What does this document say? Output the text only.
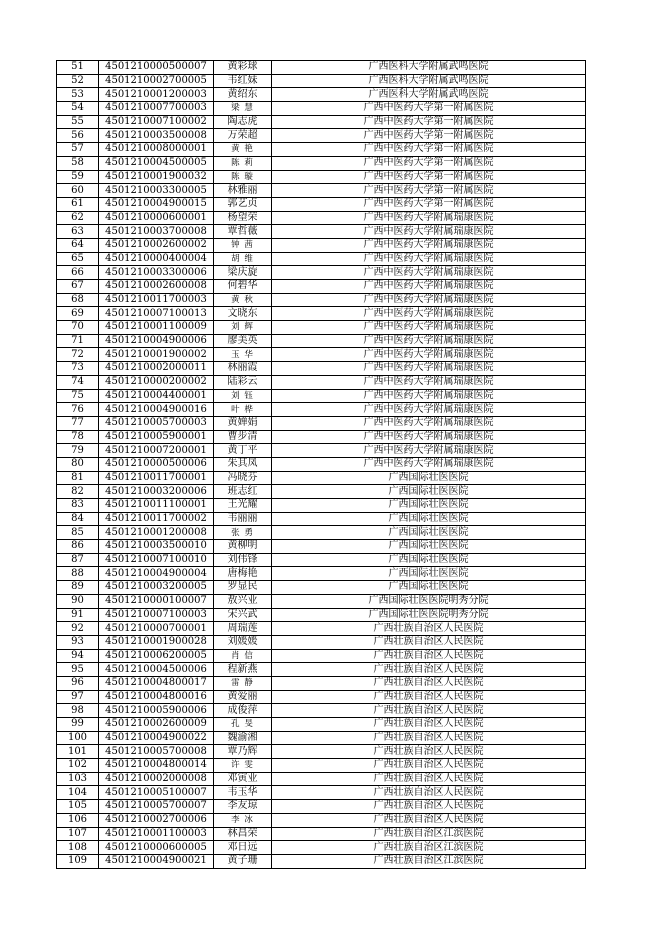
51	4501210000500007	黄彩球	广西医科大学附属武鸣医院
52	4501210002700005	韦红妹	广西医科大学附属武鸣医院
53	4501210001200003	黄绍东	广西医科大学附属武鸣医院
54	4501210007700003	梁 慧	广西中医药大学第一附属医院
55	4501210007100002	陶志虎	广西中医药大学第一附属医院
56	4501210003500008	万荣超	广西中医药大学第一附属医院
57	4501210008000001	黄 艳	广西中医药大学第一附属医院
58	4501210004500005	陈 莉	广西中医药大学第一附属医院
59	4501210001900032	陈 璇	广西中医药大学第一附属医院
60	4501210003300005	林雅丽	广西中医药大学第一附属医院
61	4501210004900015	郭艺贞	广西中医药大学第一附属医院
62	4501210000600001	杨望荣	广西中医药大学附属瑞康医院
63	4501210003700008	覃哲薇	广西中医药大学附属瑞康医院
64	4501210002600002	钟 茜	广西中医药大学附属瑞康医院
65	4501210000400004	胡 维	广西中医药大学附属瑞康医院
66	4501210003300006	梁庆旋	广西中医药大学附属瑞康医院
67	4501210002600008	何碧华	广西中医药大学附属瑞康医院
68	4501210011700003	黄 秋	广西中医药大学附属瑞康医院
69	4501210007100013	文晓东	广西中医药大学附属瑞康医院
70	4501210001100009	刘 辉	广西中医药大学附属瑞康医院
71	4501210004900006	廖美英	广西中医药大学附属瑞康医院
72	4501210001900002	玉 华	广西中医药大学附属瑞康医院
73	4501210002000011	林丽霞	广西中医药大学附属瑞康医院
74	4501210000200002	陆彩云	广西中医药大学附属瑞康医院
75	4501210004400001	刘 钰	广西中医药大学附属瑞康医院
76	4501210004900016	叶 桦	广西中医药大学附属瑞康医院
77	4501210005700003	黄婵娟	广西中医药大学附属瑞康医院
78	4501210005900001	曹步清	广西中医药大学附属瑞康医院
79	4501210007200001	黄丁平	广西中医药大学附属瑞康医院
80	4501210000500006	朱其凤	广西中医药大学附属瑞康医院
81	4501210011700001	冯晓芬	广西国际壮医医院
82	4501210003200006	班志红	广西国际壮医医院
83	4501210011100001	王光耀	广西国际壮医医院
84	4501210011700002	韦丽丽	广西国际壮医医院
85	4501210001200008	张 勇	广西国际壮医医院
86	4501210003500010	黄柳明	广西国际壮医医院
87	4501210007100010	刘伟锋	广西国际壮医医院
88	4501210004900004	唐梅艳	广西国际壮医医院
89	4501210003200005	罗显民	广西国际壮医医院
90	4501210000100007	敖兴业	广西国际壮医医院明秀分院
91	4501210007100003	宋兴武	广西国际壮医医院明秀分院
92	4501210000700001	周瑞莲	广西壮族自治区人民医院
93	4501210001900028	刘媛媛	广西壮族自治区人民医院
94	4501210006200005	肖 信	广西壮族自治区人民医院
95	4501210004500006	程新燕	广西壮族自治区人民医院
96	4501210004800017	雷 静	广西壮族自治区人民医院
97	4501210004800016	黄爱丽	广西壮族自治区人民医院
98	4501210005900006	成俊萍	广西壮族自治区人民医院
99	4501210002600009	孔 旻	广西壮族自治区人民医院
100	4501210004900022	魏渝湘	广西壮族自治区人民医院
101	4501210005700008	覃乃辉	广西壮族自治区人民医院
102	4501210004800014	许 雯	广西壮族自治区人民医院
103	4501210002000008	邓寅业	广西壮族自治区人民医院
104	4501210005100007	韦玉华	广西壮族自治区人民医院
105	4501210005700007	李友琼	广西壮族自治区人民医院
106	4501210002700006	李 冰	广西壮族自治区人民医院
107	4501210001100003	林昌荣	广西壮族自治区江滨医院
108	4501210000600005	邓日远	广西壮族自治区江滨医院
109	4501210004900021	黄子珊	广西壮族自治区江滨医院
